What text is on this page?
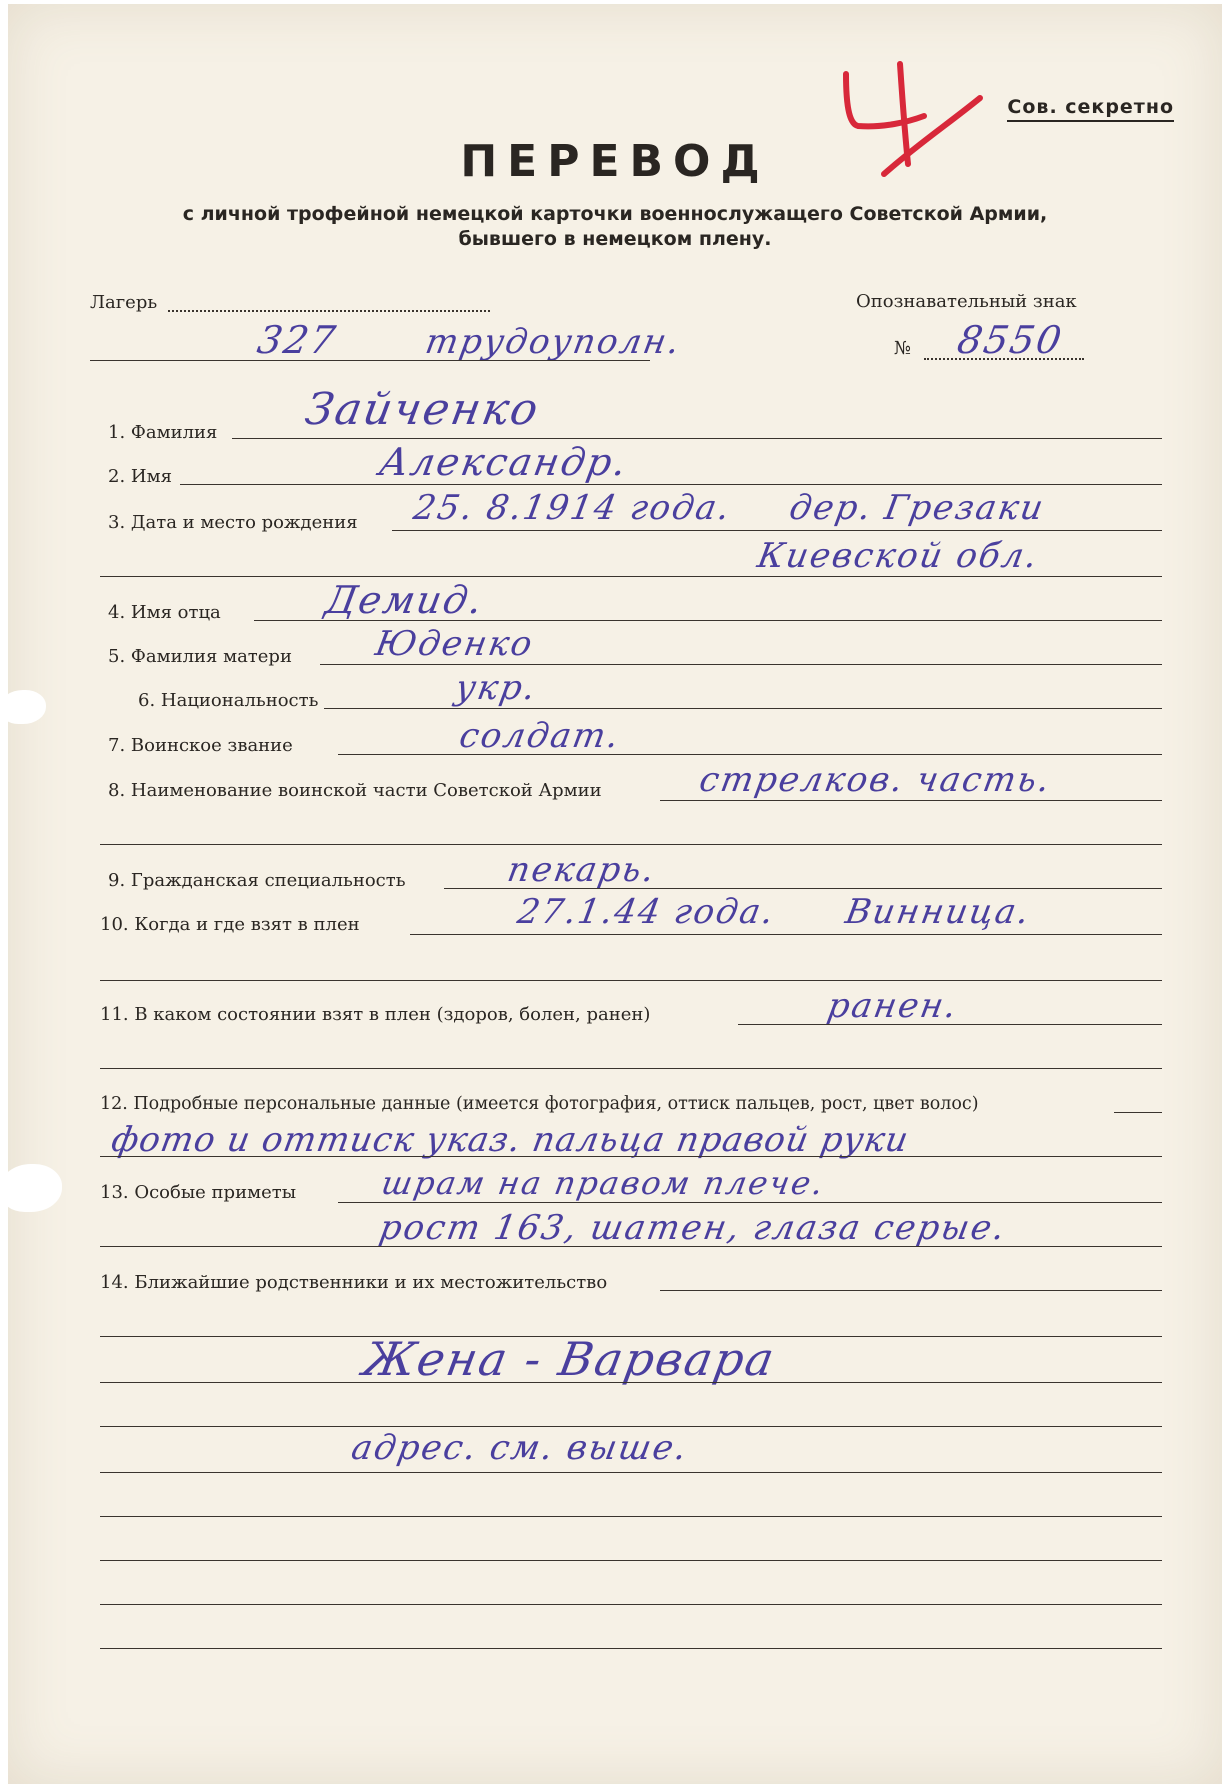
Сов. секретно
ПЕРЕВОД
с личной трофейной немецкой карточки военнослужащего Советской Армии,
бывшего в немецком плену.
Лагерь	Опознавательный знак
327 трудоуполн.	№ 8550
1. Фамилия Зайченко
2. Имя	Александр.
3. Дата и место рождения 25. 8.1914 года. дер. Грезаки
Киевской обл.
4. Имя отца	Демид.
5. Фамилия матери Юденко
6. Национальность	укр.
7. Воинское звание	солдат.
8. Наименование воинской части Советской Армии	стрелков. часть.
9. Гражданская специальность	пекарь.
10. Когда и где взят в плен	27.1.44 года. Винница.
11. В каком состоянии взят в плен (здоров, болен, ранен)	ранен.
12. Подробные персональные данные (имеется фотография, оттиск пальцев, рост, цвет волос)
фото и оттиск указ. пальца правой руки
13. Особые приметы	шрам на правом плече.
рост 163, шатен, глаза серые.
14. Ближайшие родственники и их местожительство
Жена - Варвара
адрес. см. выше.
